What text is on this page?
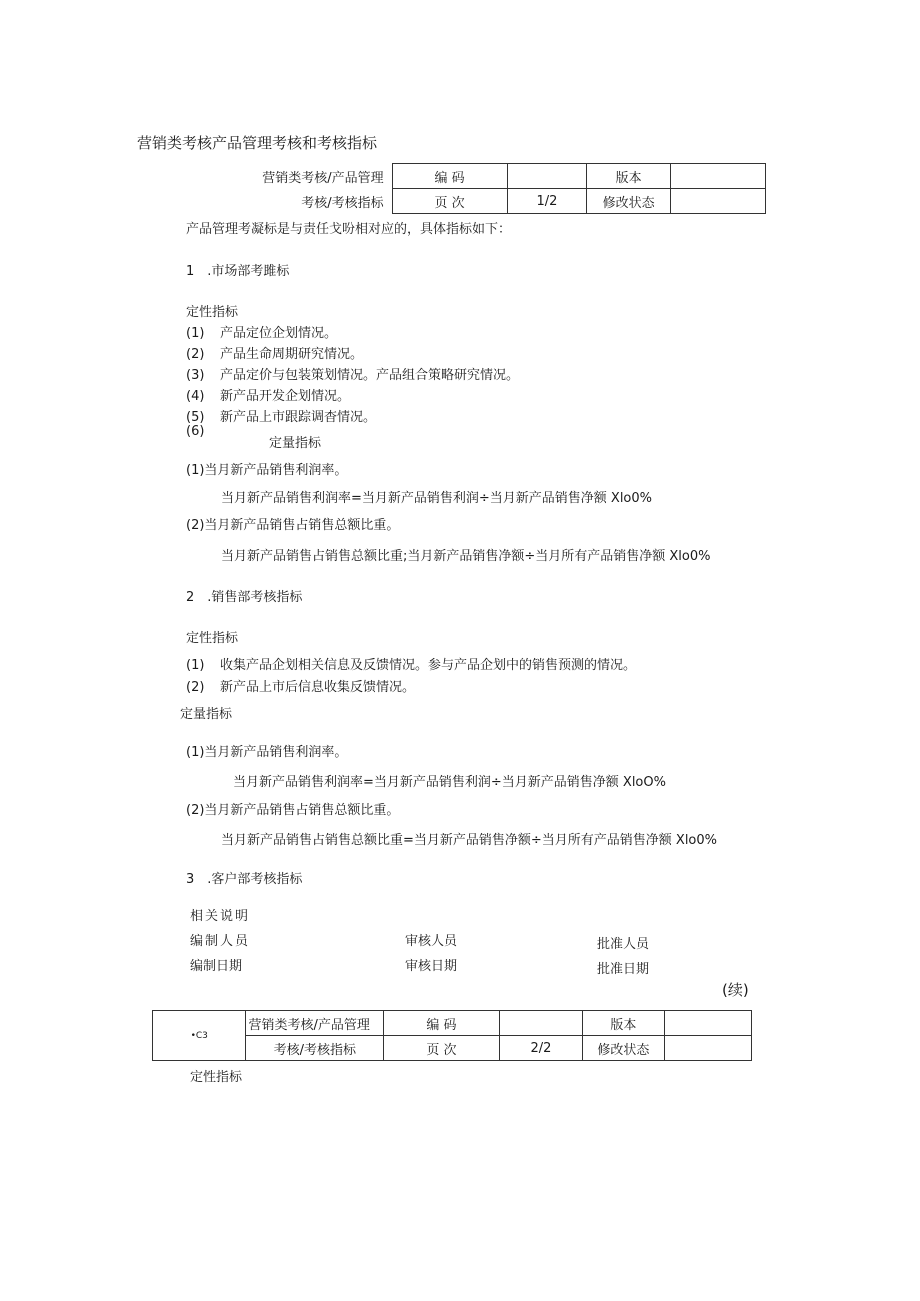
营销类考核产品管理考核和考核指标
营销类考核/产品管理	编 码		版本	
考核/考核指标	页 次	1/2	修改状态	
产品管理考凝标是与责任戈吩相对应的，具体指标如下：
1　.市场部考雎标
定性指标
(1) 产品定位企划情况。
(2) 产品生命周期研究情况。
(3) 产品定价与包装策划情况。产品组合策略研究情况。
(4) 新产品开发企划情况。
(5) 新产品上市跟踪调杳情况。
(6)
定量指标
(1)当月新产品销售利润率。
当月新产品销售利润率=当月新产品销售利润÷当月新产品销售净额 Xlo0%
(2)当月新产品销售占销售总额比重。
当月新产品销售占销售总额比重;当月新产品销售净额÷当月所有产品销售净额 Xlo0%
2　.销售部考核指标
定性指标
(1) 收集产品企划相关信息及反馈情况。参与产品企划中的销售预测的情况。
(2) 新产品上市后信息收集反馈情况。
定量指标
(1)当月新产品销售利润率。
当月新产品销售利润率=当月新产品销售利润÷当月新产品销售净额 XloO%
(2)当月新产品销售占销售总额比重。
当月新产品销售占销售总额比重=当月新产品销售净额÷当月所有产品销售净额 Xlo0%
3　.客户部考核指标
相关说明
编制人员	审核人员	批准人员
编制日期	审核日期	批准日期
(续)
•C3	营销类考核/产品管理	编 码		版本	
	考核/考核指标	页 次	2/2	修改状态	
定性指标
